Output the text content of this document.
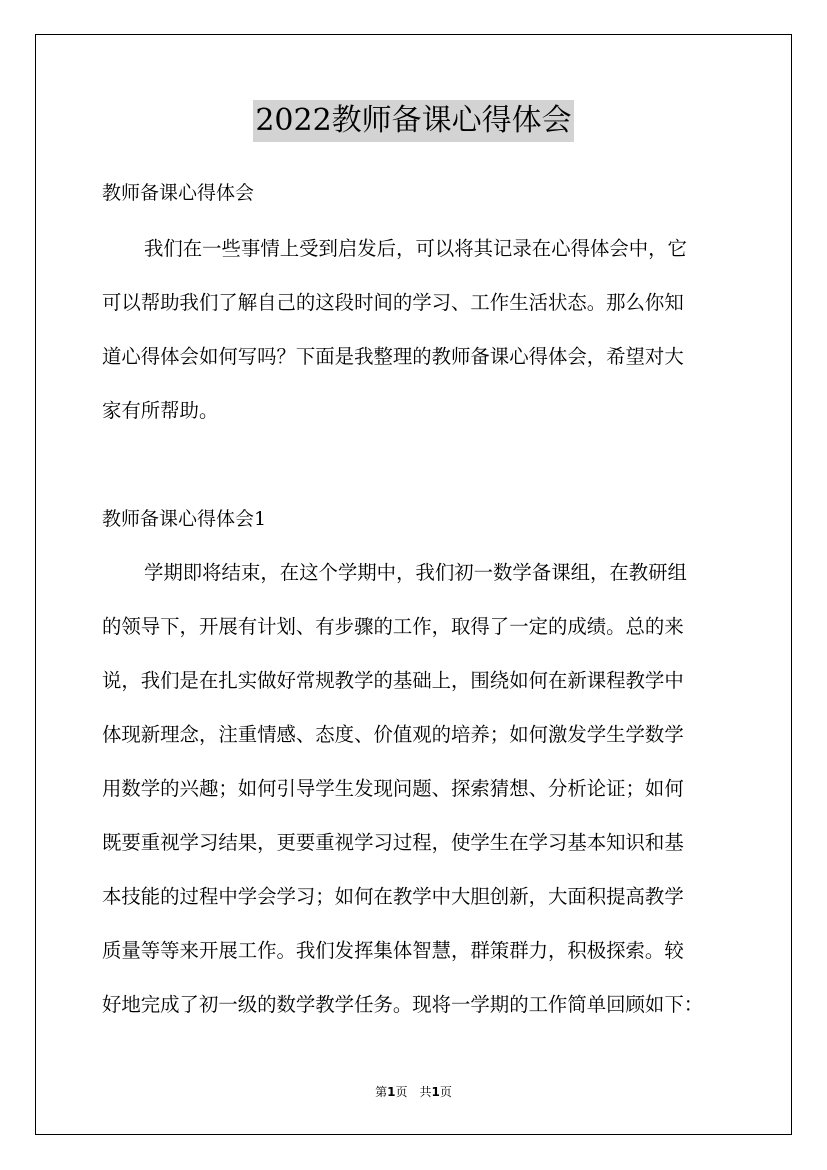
2022教师备课心得体会
教师备课心得体会
我们在一些事情上受到启发后，可以将其记录在心得体会中，它
可以帮助我们了解自己的这段时间的学习、工作生活状态。那么你知
道心得体会如何写吗？下面是我整理的教师备课心得体会，希望对大
家有所帮助。
教师备课心得体会1
学期即将结束，在这个学期中，我们初一数学备课组，在教研组
的领导下，开展有计划、有步骤的工作，取得了一定的成绩。总的来
说，我们是在扎实做好常规教学的基础上，围绕如何在新课程教学中
体现新理念，注重情感、态度、价值观的培养；如何激发学生学数学
用数学的兴趣；如何引导学生发现问题、探索猜想、分析论证；如何
既要重视学习结果，更要重视学习过程，使学生在学习基本知识和基
本技能的过程中学会学习；如何在教学中大胆创新，大面积提高教学
质量等等来开展工作。我们发挥集体智慧，群策群力，积极探索。较
好地完成了初一级的数学教学任务。现将一学期的工作简单回顾如下：
第1页　共1页
